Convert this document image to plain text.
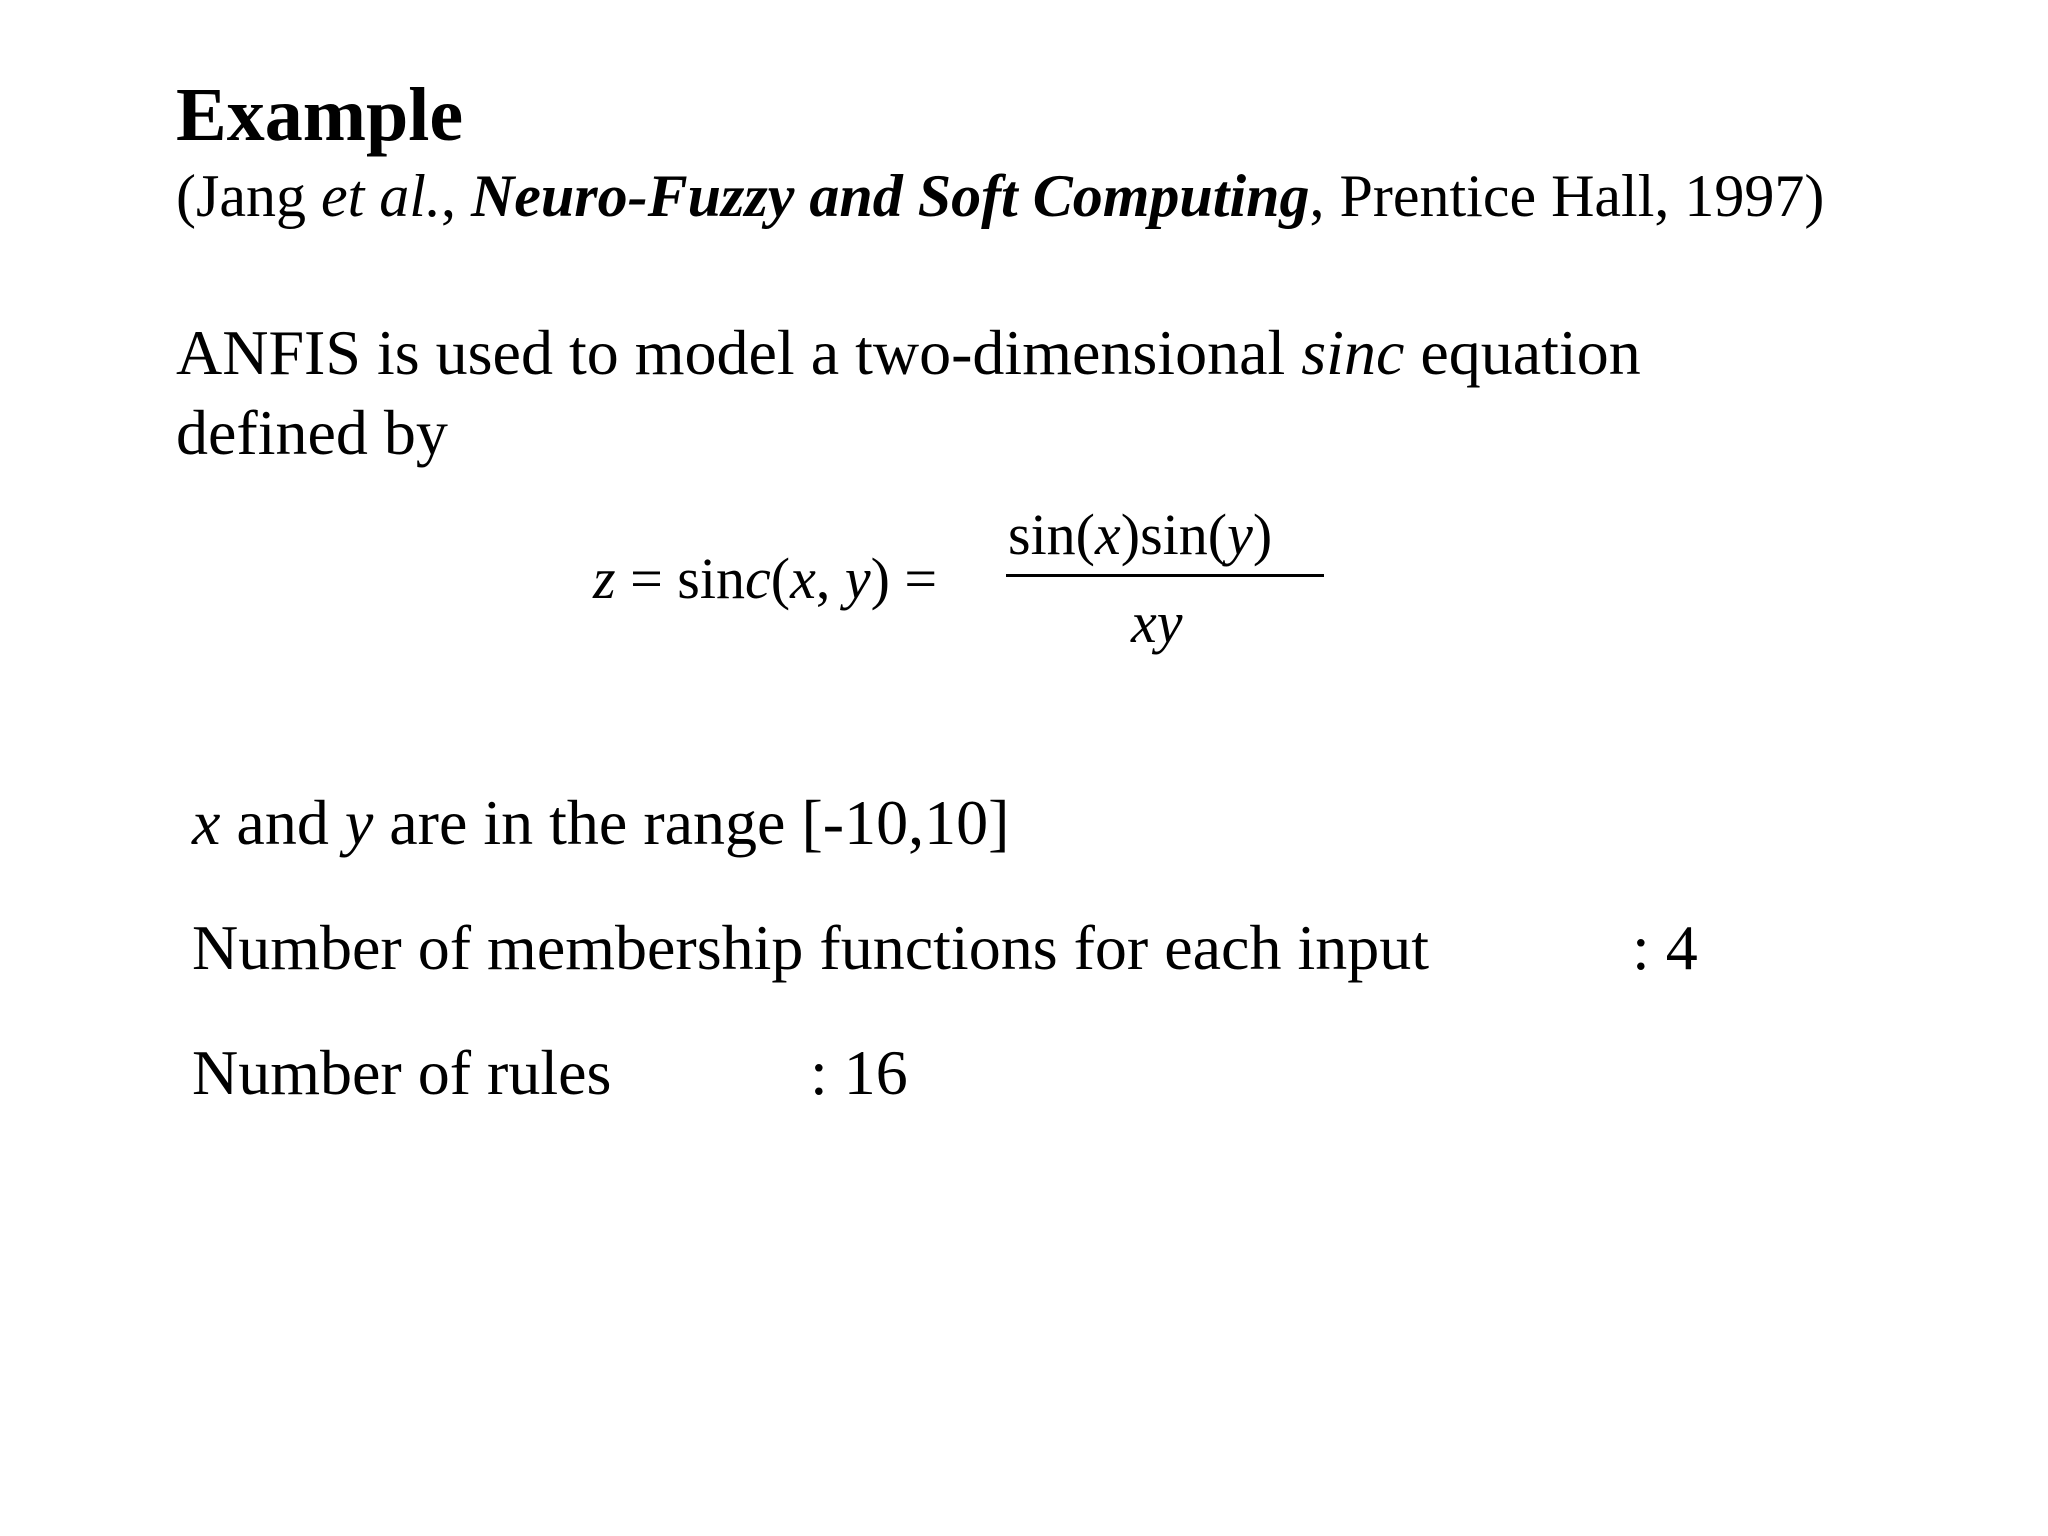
Example
(Jang et al., Neuro-Fuzzy and Soft Computing, Prentice Hall, 1997)
ANFIS is used to model a two-dimensional sinc equation
defined by
z = sinc(x, y) =
sin(x)sin(y)
xy
x and y are in the range [-10,10]
Number of membership functions for each input	: 4
Number of rules	: 16
